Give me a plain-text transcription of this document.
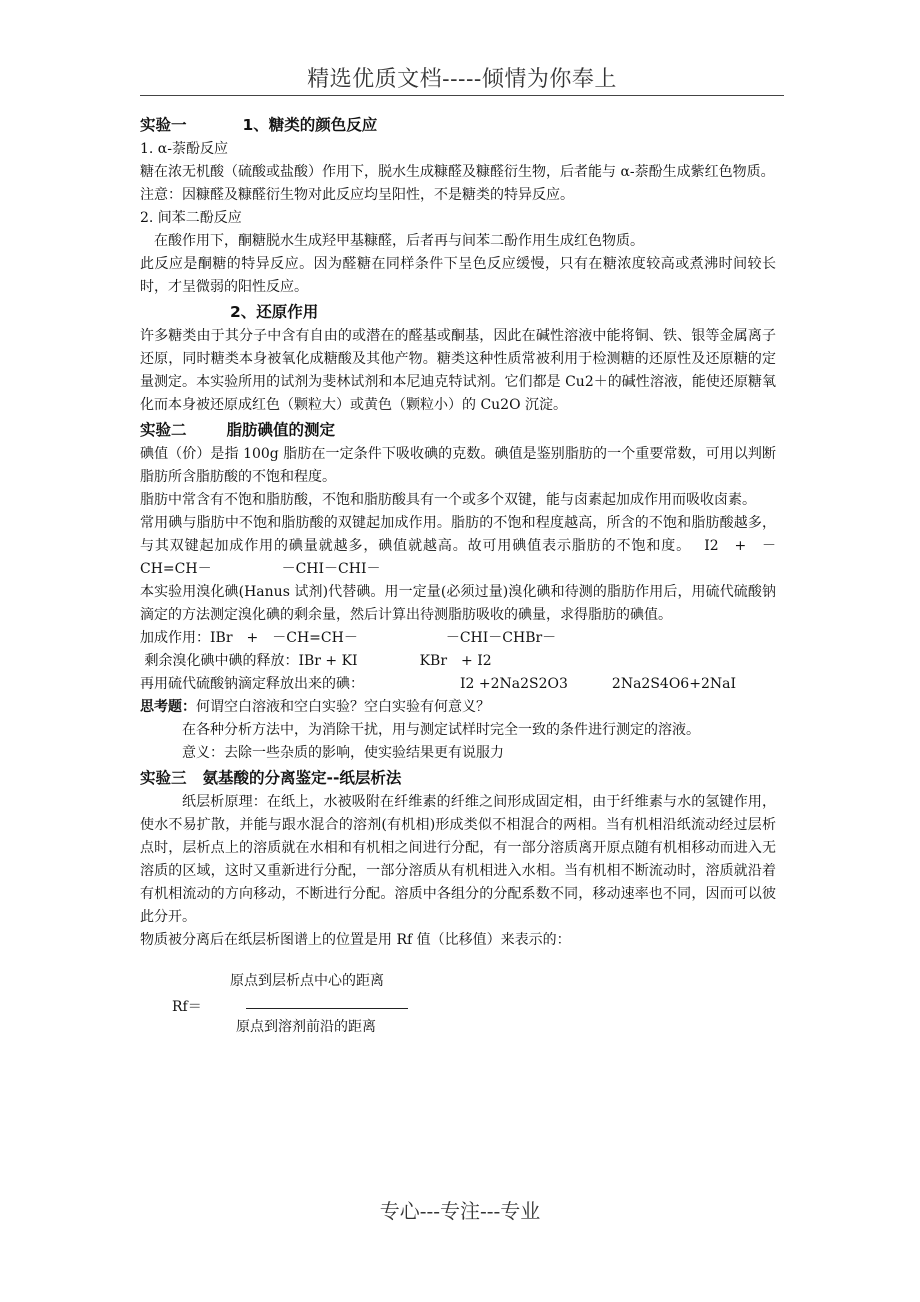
精选优质文档-----倾情为你奉上

实验一	1、糖类的颜色反应

1. α-萘酚反应

糖在浓无机酸（硫酸或盐酸）作用下，脱水生成糠醛及糠醛衍生物，后者能与 α-萘酚生成紫红色物质。

注意：因糠醛及糠醛衍生物对此反应均呈阳性，不是糖类的特异反应。

2. 间苯二酚反应

在酸作用下，酮糖脱水生成羟甲基糠醛，后者再与间苯二酚作用生成红色物质。

此反应是酮糖的特异反应。因为醛糖在同样条件下呈色反应缓慢，只有在糖浓度较高或煮沸时间较长时，才呈微弱的阳性反应。

2、还原作用

许多糖类由于其分子中含有自由的或潜在的醛基或酮基，因此在碱性溶液中能将铜、铁、银等金属离子还原，同时糖类本身被氧化成糖酸及其他产物。糖类这种性质常被利用于检测糖的还原性及还原糖的定量测定。本实验所用的试剂为斐林试剂和本尼迪克特试剂。它们都是 Cu2＋的碱性溶液，能使还原糖氧化而本身被还原成红色（颗粒大）或黄色（颗粒小）的 Cu2O 沉淀。

实验二	脂肪碘值的测定

碘值（价）是指 100g 脂肪在一定条件下吸收碘的克数。碘值是鉴别脂肪的一个重要常数，可用以判断脂肪所含脂肪酸的不饱和程度。

脂肪中常含有不饱和脂肪酸，不饱和脂肪酸具有一个或多个双键，能与卤素起加成作用而吸收卤素。

常用碘与脂肪中不饱和脂肪酸的双键起加成作用。脂肪的不饱和程度越高，所含的不饱和脂肪酸越多，与其双键起加成作用的碘量就越多，碘值就越高。故可用碘值表示脂肪的不饱和度。　 I2　+　－CH=CH－	－CHI－CHI－

本实验用溴化碘(Hanus 试剂)代替碘。用一定量(必须过量)溴化碘和待测的脂肪作用后，用硫代硫酸钠滴定的方法测定溴化碘的剩余量，然后计算出待测脂肪吸收的碘量，求得脂肪的碘值。

加成作用：IBr　+　－CH=CH－	－CHI－CHBr－

剩余溴化碘中碘的释放：IBr + KI	KBr　+ I2

再用硫代硫酸钠滴定释放出来的碘：	I2 +2Na2S2O3	2Na2S4O6+2NaI

思考题：何谓空白溶液和空白实验？空白实验有何意义？

在各种分析方法中，为消除干扰，用与测定试样时完全一致的条件进行测定的溶液。

意义：去除一些杂质的影响，使实验结果更有说服力

实验三 氨基酸的分离鉴定--纸层析法

纸层析原理：在纸上，水被吸附在纤维素的纤维之间形成固定相，由于纤维素与水的氢键作用，使水不易扩散，并能与跟水混合的溶剂(有机相)形成类似不相混合的两相。当有机相沿纸流动经过层析点时，层析点上的溶质就在水相和有机相之间进行分配，有一部分溶质离开原点随有机相移动而进入无溶质的区域，这时又重新进行分配，一部分溶质从有机相进入水相。当有机相不断流动时，溶质就沿着有机相流动的方向移动，不断进行分配。溶质中各组分的分配系数不同，移动速率也不同，因而可以彼此分开。

物质被分离后在纸层析图谱上的位置是用 Rf 值（比移值）来表示的：

原点到层析点中心的距离
Rf＝
原点到溶剂前沿的距离
专心---专注---专业
